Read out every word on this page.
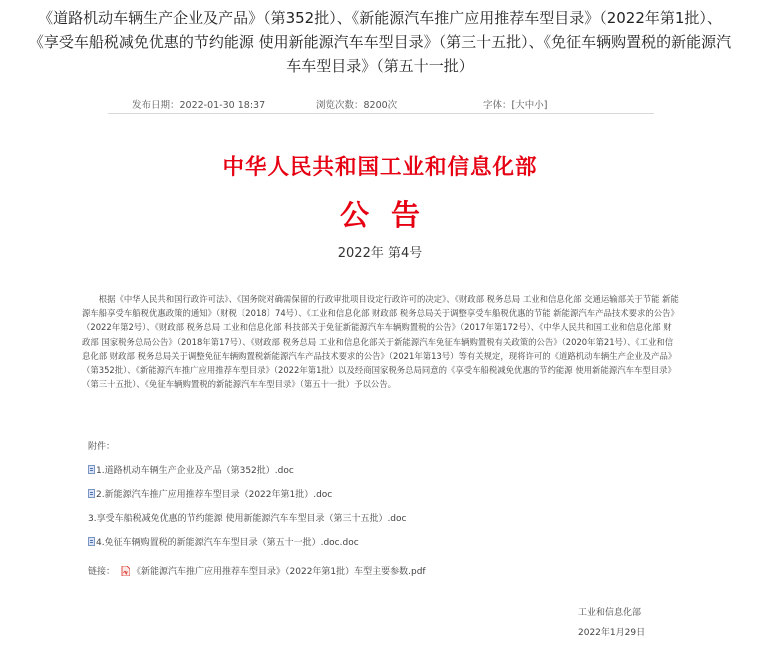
《道路机动车辆生产企业及产品》（第352批）、《新能源汽车推广应用推荐车型目录》（2022年第1批）、《享受车船税减免优惠的节约能源 使用新能源汽车车型目录》（第三十五批）、《免征车辆购置税的新能源汽车车型目录》（第五十一批）
发布日期：2022-01-30 18:37	浏览次数：8200次	字体：[大中小]
中华人民共和国工业和信息化部
公告
2022年 第4号
根据《中华人民共和国行政许可法》、《国务院对确需保留的行政审批项目设定行政许可的决定》、《财政部 税务总局 工业和信息化部 交通运输部关于节能 新能源车船享受车船税优惠政策的通知》（财税〔2018〕74号）、《工业和信息化部 财政部 税务总局关于调整享受车船税优惠的节能 新能源汽车产品技术要求的公告》（2022年第2号）、《财政部 税务总局 工业和信息化部 科技部关于免征新能源汽车车辆购置税的公告》（2017年第172号）、《中华人民共和国工业和信息化部 财政部 国家税务总局公告》（2018年第17号）、《财政部 税务总局 工业和信息化部关于新能源汽车免征车辆购置税有关政策的公告》（2020年第21号）、《工业和信息化部 财政部 税务总局关于调整免征车辆购置税新能源汽车产品技术要求的公告》（2021年第13号）等有关规定，现将许可的《道路机动车辆生产企业及产品》（第352批）、《新能源汽车推广应用推荐车型目录》（2022年第1批）以及经商国家税务总局同意的《享受车船税减免优惠的节约能源 使用新能源汽车车型目录》（第三十五批）、《免征车辆购置税的新能源汽车车型目录》（第五十一批）予以公告。
附件：
1.道路机动车辆生产企业及产品（第352批）.doc
2.新能源汽车推广应用推荐车型目录（2022年第1批）.doc
3.享受车船税减免优惠的节约能源 使用新能源汽车车型目录（第三十五批）.doc
4.免征车辆购置税的新能源汽车车型目录（第五十一批）.doc.doc
链接： 《新能源汽车推广应用推荐车型目录》（2022年第1批）车型主要参数.pdf
工业和信息化部
2022年1月29日
